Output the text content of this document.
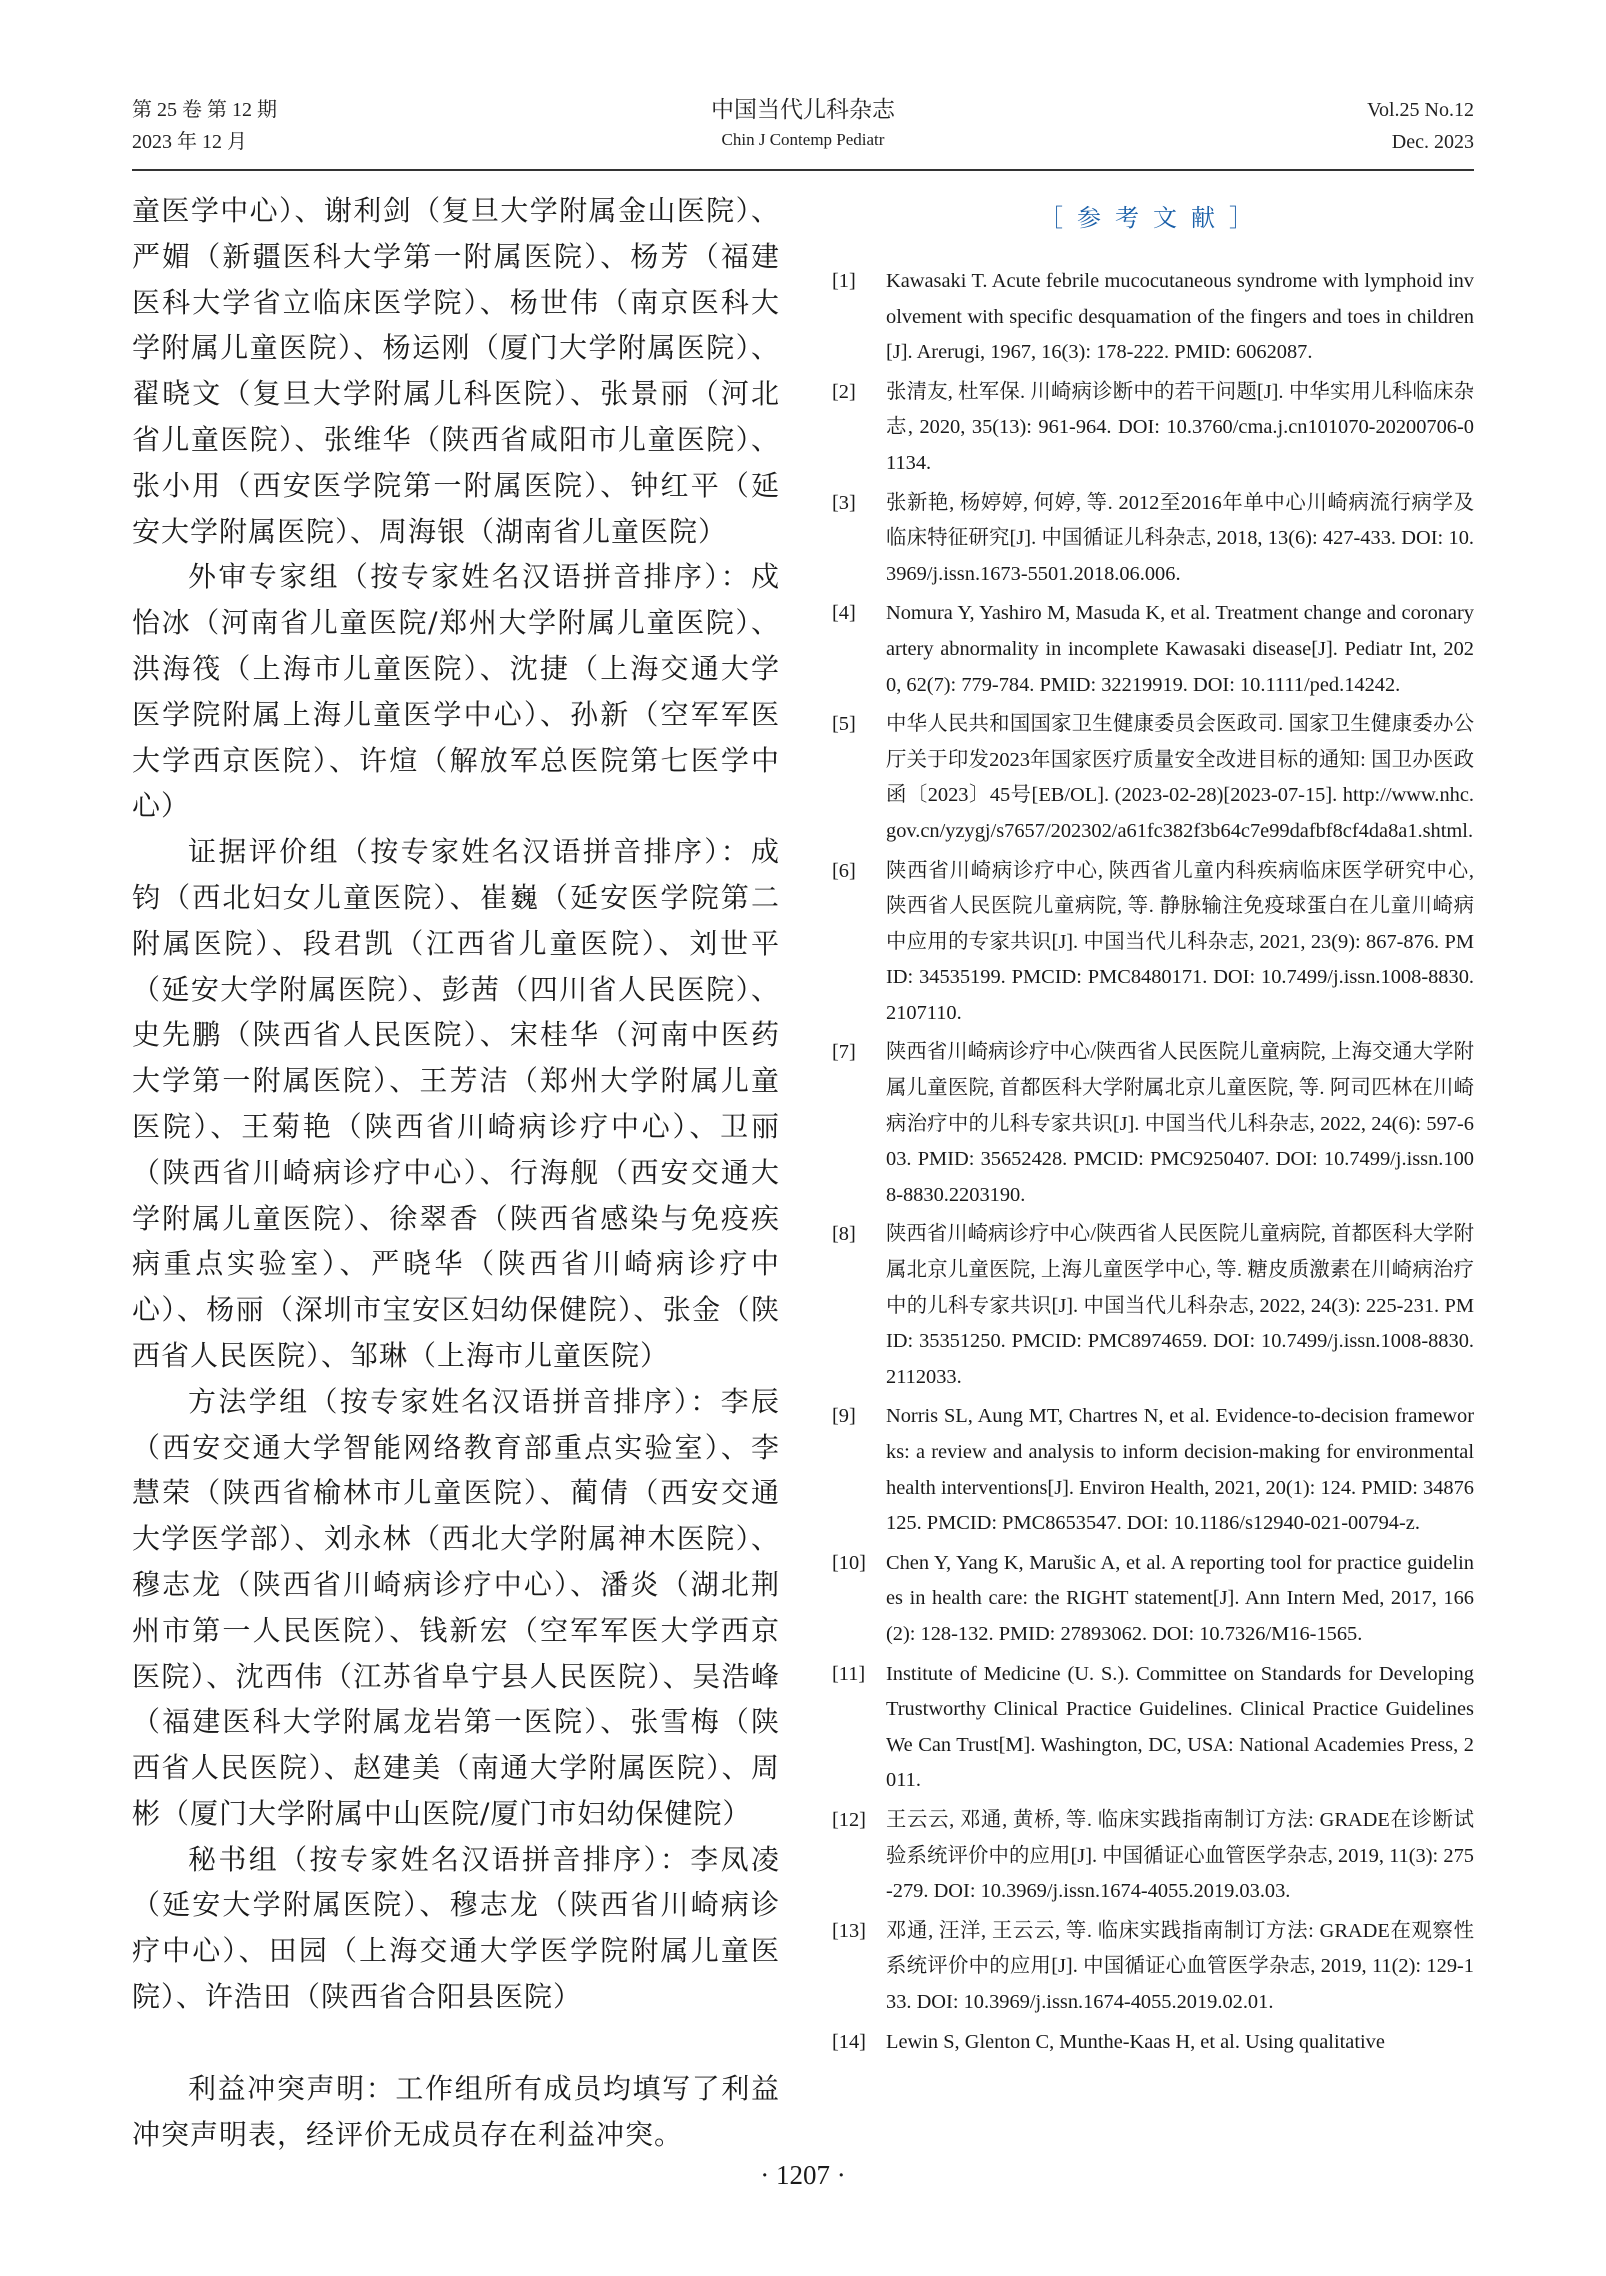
第 25 卷 第 12 期
2023 年 12 月
中国当代儿科杂志
Chin J Contemp Pediatr
Vol.25 No.12
Dec. 2023

童医学中心）、谢利剑（复旦大学附属金山医院）、严媚（新疆医科大学第一附属医院）、杨芳（福建医科大学省立临床医学院）、杨世伟（南京医科大学附属儿童医院）、杨运刚（厦门大学附属医院）、翟晓文（复旦大学附属儿科医院）、张景丽（河北省儿童医院）、张维华（陕西省咸阳市儿童医院）、张小用（西安医学院第一附属医院）、钟红平（延安大学附属医院）、周海银（湖南省儿童医院）

外审专家组（按专家姓名汉语拼音排序）：戍怡冰（河南省儿童医院/郑州大学附属儿童医院）、洪海筏（上海市儿童医院）、沈捷（上海交通大学医学院附属上海儿童医学中心）、孙新（空军军医大学西京医院）、许煊（解放军总医院第七医学中心）

证据评价组（按专家姓名汉语拼音排序）：成钧（西北妇女儿童医院）、崔巍（延安医学院第二附属医院）、段君凯（江西省儿童医院）、刘世平（延安大学附属医院）、彭茜（四川省人民医院）、史先鹏（陕西省人民医院）、宋桂华（河南中医药大学第一附属医院）、王芳洁（郑州大学附属儿童医院）、王菊艳（陕西省川崎病诊疗中心）、卫丽（陕西省川崎病诊疗中心）、行海舰（西安交通大学附属儿童医院）、徐翠香（陕西省感染与免疫疾病重点实验室）、严晓华（陕西省川崎病诊疗中心）、杨丽（深圳市宝安区妇幼保健院）、张金（陕西省人民医院）、邹琳（上海市儿童医院）

方法学组（按专家姓名汉语拼音排序）：李辰（西安交通大学智能网络教育部重点实验室）、李慧荣（陕西省榆林市儿童医院）、蔺倩（西安交通大学医学部）、刘永林（西北大学附属神木医院）、穆志龙（陕西省川崎病诊疗中心）、潘炎（湖北荆州市第一人民医院）、钱新宏（空军军医大学西京医院）、沈西伟（江苏省阜宁县人民医院）、吴浩峰（福建医科大学附属龙岩第一医院）、张雪梅（陕西省人民医院）、赵建美（南通大学附属医院）、周彬（厦门大学附属中山医院/厦门市妇幼保健院）

秘书组（按专家姓名汉语拼音排序）：李凤凌（延安大学附属医院）、穆志龙（陕西省川崎病诊疗中心）、田园（上海交通大学医学院附属儿童医院）、许浩田（陕西省合阳县医院）

利益冲突声明：工作组所有成员均填写了利益冲突声明表，经评价无成员存在利益冲突。

［参考文献］
[1]	Kawasaki T. Acute febrile mucocutaneous syndrome with lymphoid involvement with specific desquamation of the fingers and toes in children[J]. Arerugi, 1967, 16(3): 178-222. PMID: 6062087.
[2]	张清友, 杜军保. 川崎病诊断中的若干问题[J]. 中华实用儿科临床杂志, 2020, 35(13): 961-964. DOI: 10.3760/cma.j.cn101070-20200706-01134.
[3]	张新艳, 杨婷婷, 何婷, 等. 2012至2016年单中心川崎病流行病学及临床特征研究[J]. 中国循证儿科杂志, 2018, 13(6): 427-433. DOI: 10.3969/j.issn.1673-5501.2018.06.006.
[4]	Nomura Y, Yashiro M, Masuda K, et al. Treatment change and coronary artery abnormality in incomplete Kawasaki disease[J]. Pediatr Int, 2020, 62(7): 779-784. PMID: 32219919. DOI: 10.1111/ped.14242.
[5]	中华人民共和国国家卫生健康委员会医政司. 国家卫生健康委办公厅关于印发2023年国家医疗质量安全改进目标的通知: 国卫办医政函〔2023〕45号[EB/OL]. (2023-02-28)[2023-07-15]. http://www.nhc.gov.cn/yzygj/s7657/202302/a61fc382f3b64c7e99dafbf8cf4da8a1.shtml.
[6]	陕西省川崎病诊疗中心, 陕西省儿童内科疾病临床医学研究中心, 陕西省人民医院儿童病院, 等. 静脉输注免疫球蛋白在儿童川崎病中应用的专家共识[J]. 中国当代儿科杂志, 2021, 23(9): 867-876. PMID: 34535199. PMCID: PMC8480171. DOI: 10.7499/j.issn.1008-8830.2107110.
[7]	陕西省川崎病诊疗中心/陕西省人民医院儿童病院, 上海交通大学附属儿童医院, 首都医科大学附属北京儿童医院, 等. 阿司匹林在川崎病治疗中的儿科专家共识[J]. 中国当代儿科杂志, 2022, 24(6): 597-603. PMID: 35652428. PMCID: PMC9250407. DOI: 10.7499/j.issn.1008-8830.2203190.
[8]	陕西省川崎病诊疗中心/陕西省人民医院儿童病院, 首都医科大学附属北京儿童医院, 上海儿童医学中心, 等. 糖皮质激素在川崎病治疗中的儿科专家共识[J]. 中国当代儿科杂志, 2022, 24(3): 225-231. PMID: 35351250. PMCID: PMC8974659. DOI: 10.7499/j.issn.1008-8830.2112033.
[9]	Norris SL, Aung MT, Chartres N, et al. Evidence-to-decision frameworks: a review and analysis to inform decision-making for environmental health interventions[J]. Environ Health, 2021, 20(1): 124. PMID: 34876125. PMCID: PMC8653547. DOI: 10.1186/s12940-021-00794-z.
[10] Chen Y, Yang K, Marušic A, et al. A reporting tool for practice guidelines in health care: the RIGHT statement[J]. Ann Intern Med, 2017, 166(2): 128-132. PMID: 27893062. DOI: 10.7326/M16-1565.
[11]	Institute of Medicine (U. S.). Committee on Standards for Developing Trustworthy Clinical Practice Guidelines. Clinical Practice Guidelines We Can Trust[M]. Washington, DC, USA: National Academies Press, 2011.
[12] 王云云, 邓通, 黄桥, 等. 临床实践指南制订方法: GRADE在诊断试验系统评价中的应用[J]. 中国循证心血管医学杂志, 2019, 11(3): 275-279. DOI: 10.3969/j.issn.1674-4055.2019.03.03.
[13] 邓通, 汪洋, 王云云, 等. 临床实践指南制订方法: GRADE在观察性系统评价中的应用[J]. 中国循证心血管医学杂志, 2019, 11(2): 129-133. DOI: 10.3969/j.issn.1674-4055.2019.02.01.
[14] Lewin S, Glenton C, Munthe-Kaas H, et al. Using qualitative
· 1207 ·
